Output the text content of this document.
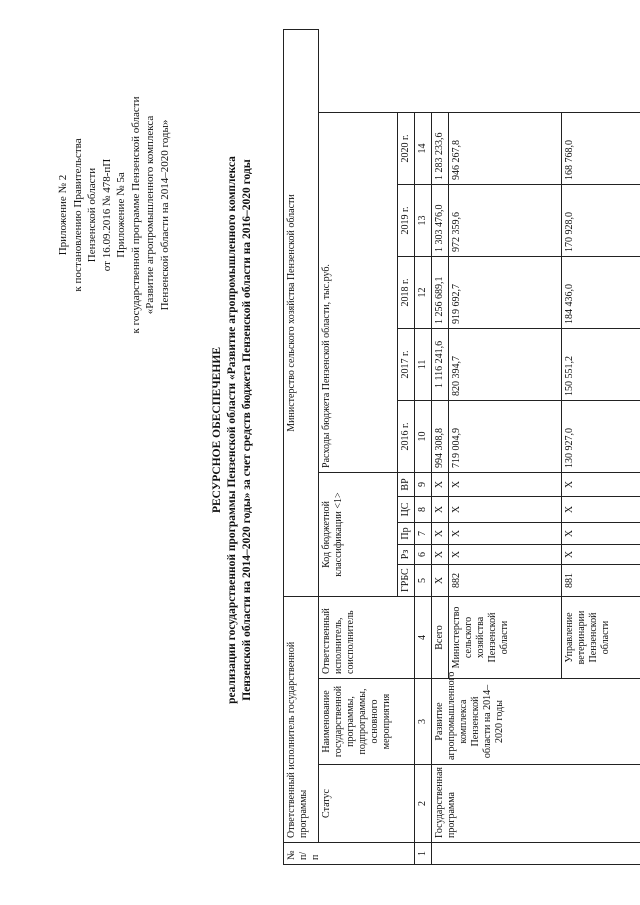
Приложение № 2 к постановлению Правительства Пензенской области от 16.09.2016 № 478-пП Приложение № 5а к государственной программе Пензенской области «Развитие агропромышленного комплекса Пензенской области на 2014–2020 годы»
РЕСУРСНОЕ ОБЕСПЕЧЕНИЕ реализации государственной программы Пензенской области «Развитие агропромышленного комплекса Пензенской области на 2014–2020 годы» за счет средств бюджета Пензенской области на 2016–2020 годы
№ п/п	Ответственный исполнитель государственной программы			Министерство сельского хозяйства Пензенской области									
	Статус	Наименование государственной программы, подпрограммы, основного мероприятия	Ответственный исполнитель, соисполнитель	Код бюджетной классификации <1>					Расходы бюджета Пензенской области, тыс.руб.				
				ГРБС	Рз	Пр	ЦС	ВР	2016 г.	2017 г.	2018 г.	2019 г.	2020 г.
1	2	3	4	5	6	7	8	9	10	11	12	13	14
	Государственная программа	Развитие агропромышленного комплекса Пензенской области на 2014–2020 годы	Всего	Х	Х	Х	Х	Х	994 308,8	1 116 241,6	1 256 689,1	1 303 476,0	1 283 233,6
			Министерство сельского хозяйства Пензенской области	882	Х	Х	Х	Х	719 004,9	820 394,7	919 692,7	972 359,6	946 267,8
			Управление ветеринарии Пензенской области	881	Х	Х	Х	Х	130 927,0	150 551,2	184 436,0	170 928,0	168 768,0
